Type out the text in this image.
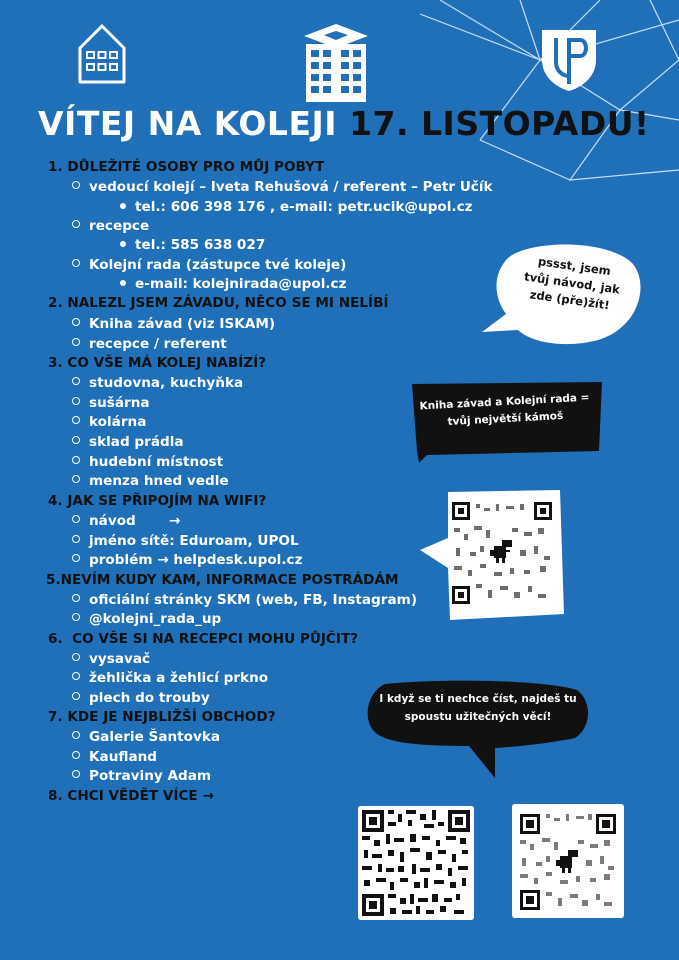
VÍTEJ NA KOLEJI 17. LISTOPADU!
1. DŮLEŽITÉ OSOBY PRO MŮJ POBYT
vedoucí kolejí – Iveta Rehušová / referent – Petr Učík
tel.: 606 398 176 , e-mail: petr.ucik@upol.cz
recepce
tel.: 585 638 027
Kolejní rada (zástupce tvé koleje)
e-mail: kolejnirada@upol.cz
2. NALEZL JSEM ZÁVADU, NĚCO SE MI NELÍBÍ
Kniha závad (viz ISKAM)
recepce / referent
3. CO VŠE MÁ KOLEJ NABÍZÍ?
studovna, kuchyňka
sušárna
kolárna
sklad prádla
hudební místnost
menza hned vedle
4. JAK SE PŘIPOJÍM NA WIFI?
návod       →
jméno sítě: Eduroam, UPOL
problém → helpdesk.upol.cz
5.NEVÍM KUDY KAM, INFORMACE POSTRÁDÁM
oficiální stránky SKM (web, FB, Instagram)
@kolejni_rada_up
6. CO VŠE SI NA RECEPCI MOHU PŮJČIT?
vysavač
žehlička a žehlicí prkno
plech do trouby
7. KDE JE NEJBLIŽŠÍ OBCHOD?
Galerie Šantovka
Kaufland
Potraviny Adam
8. CHCI VĚDĚT VÍCE →
pssst, jsem tvůj návod, jak zde (pře)žít!
Kniha závad a Kolejní rada = tvůj největší kámoš
I když se ti nechce číst, najdeš tu spoustu užitečných věcí!
